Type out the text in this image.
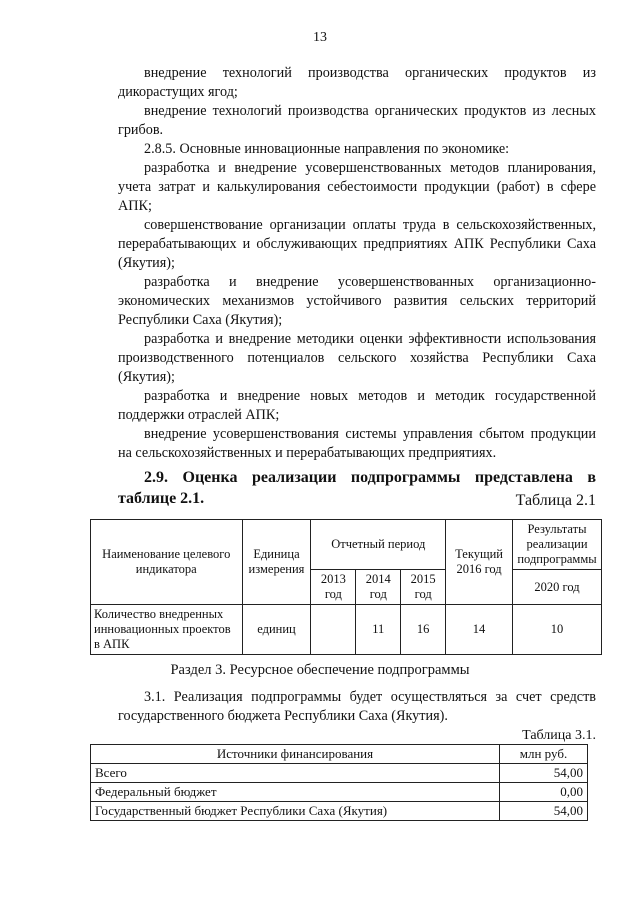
13

внедрение технологий производства органических продуктов из дикорастущих ягод;

внедрение технологий производства органических продуктов из лесных грибов.

2.8.5. Основные инновационные направления по экономике:

разработка и внедрение усовершенствованных методов планирования, учета затрат и калькулирования себестоимости продукции (работ) в сфере АПК;

совершенствование организации оплаты труда в сельскохозяйственных, перерабатывающих и обслуживающих предприятиях АПК Республики Саха (Якутия);

разработка и внедрение усовершенствованных организационно-экономических механизмов устойчивого развития сельских территорий Республики Саха (Якутия);

разработка и внедрение методики оценки эффективности использования производственного потенциалов сельского хозяйства Республики Саха (Якутия);

разработка и внедрение новых методов и методик государственной поддержки отраслей АПК;

внедрение усовершенствования системы управления сбытом продукции на сельскохозяйственных и перерабатывающих предприятиях.

2.9. Оценка реализации подпрограммы представлена в таблице 2.1.	Таблица 2.1
Наименование целевого индикатора	Единица измерения	Отчетный период			Текущий 2016 год	Результаты реализации подпрограммы
		2013 год	2014 год	2015 год		2020 год
Количество внедренных инновационных проектов в АПК	единиц		11	16	14	10
Раздел 3. Ресурсное обеспечение подпрограммы

3.1. Реализация подпрограммы будет осуществляться за счет средств государственного бюджета Республики Саха (Якутия).

Таблица 3.1.
Источники финансирования	млн руб.
Всего	54,00
Федеральный бюджет	0,00
Государственный бюджет Республики Саха (Якутия)	54,00
